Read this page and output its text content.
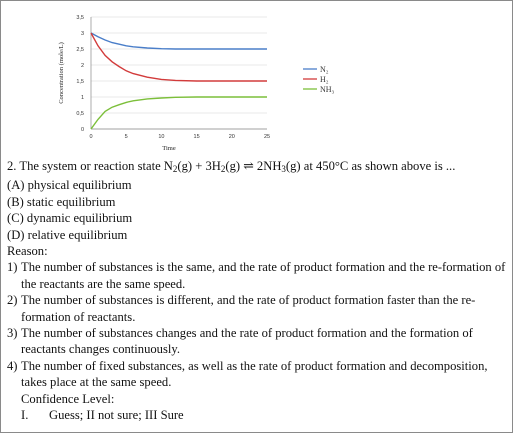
0
0,5
1
1,5
2
2,5
3
3,5
0	5	10	15	20	25
N₂
H₂
NH₃
Concentration (mole/L)
Time
2. The system or reaction state $N_2(g) + 3H_2(g)$ ⇌ $2NH_3(g)$ at 450°C as shown above is ...
(A) physical equilibrium
(B) static equilibrium
(C) dynamic equilibrium
(D) relative equilibrium
Reason:
1) The number of substances is the same, and the rate of product formation and the re-formation of the reactants are the same speed.
2) The number of substances is different, and the rate of product formation faster than the re-formation of reactants.
3) The number of substances changes and the rate of product formation and the formation of reactants changes continuously.
4) The number of fixed substances, as well as the rate of product formation and decomposition, takes place at the same speed.
Confidence Level:
I.	Guess; II not sure; III Sure
